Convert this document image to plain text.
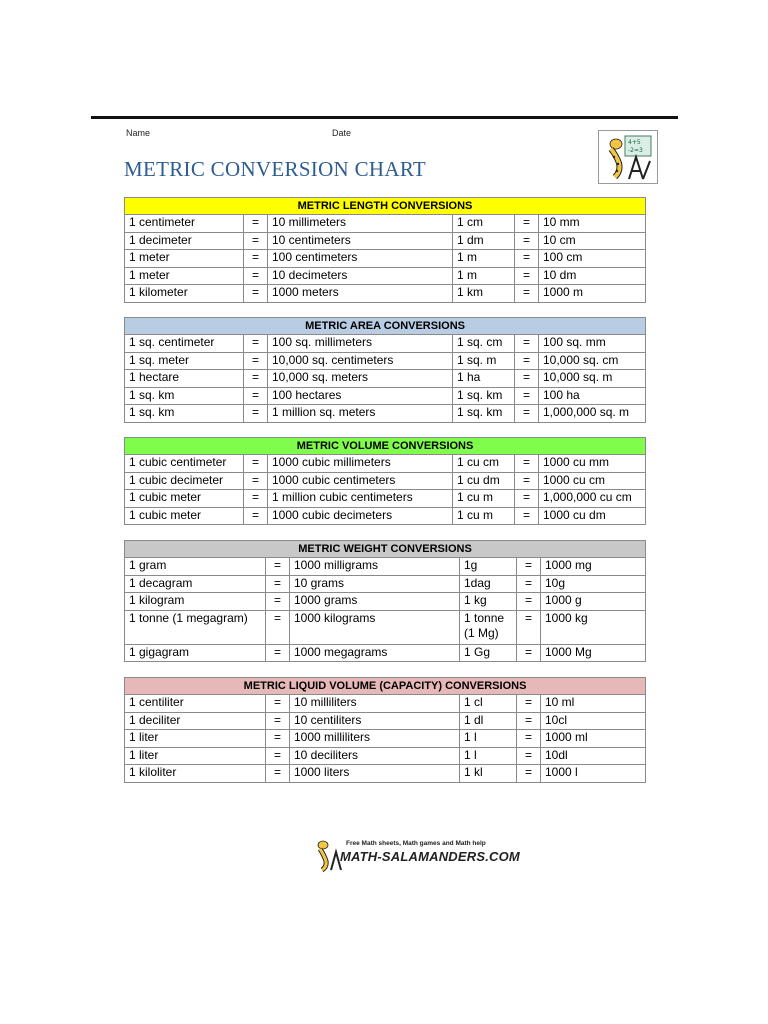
Name	Date
METRIC CONVERSION CHART
4+5
-2=3
METRIC LENGTH CONVERSIONS					
1 centimeter	=	10 millimeters	1 cm	=	10 mm
1 decimeter	=	10 centimeters	1 dm	=	10 cm
1 meter	=	100 centimeters	1 m	=	100 cm
1 meter	=	10 decimeters	1 m	=	10 dm
1 kilometer	=	1000 meters	1 km	=	1000 m
METRIC AREA CONVERSIONS					
1 sq. centimeter	=	100 sq. millimeters	1 sq. cm	=	100 sq. mm
1 sq. meter	=	10,000 sq. centimeters	1 sq. m	=	10,000 sq. cm
1 hectare	=	10,000 sq. meters	1 ha	=	10,000 sq. m
1 sq. km	=	100 hectares	1 sq. km	=	100 ha
1 sq. km	=	1 million sq. meters	1 sq. km	=	1,000,000 sq. m
METRIC VOLUME CONVERSIONS					
1 cubic centimeter	=	1000 cubic millimeters	1 cu cm	=	1000 cu mm
1 cubic decimeter	=	1000 cubic centimeters	1 cu dm	=	1000 cu cm
1 cubic meter	=	1 million cubic centimeters	1 cu m	=	1,000,000 cu cm
1 cubic meter	=	1000 cubic decimeters	1 cu m	=	1000 cu dm
METRIC WEIGHT CONVERSIONS					
1 gram	=	1000 milligrams	1g	=	1000 mg
1 decagram	=	10 grams	1dag	=	10g
1 kilogram	=	1000 grams	1 kg	=	1000 g
1 tonne (1 megagram)	=	1000 kilograms	1 tonne (1 Mg)	=	1000 kg
1 gigagram	=	1000 megagrams	1 Gg	=	1000 Mg
METRIC LIQUID VOLUME (CAPACITY) CONVERSIONS					
1 centiliter	=	10 milliliters	1 cl	=	10 ml
1 deciliter	=	10 centiliters	1 dl	=	10cl
1 liter	=	1000 milliliters	1 l	=	1000 ml
1 liter	=	10 deciliters	1 l	=	10dl
1 kiloliter	=	1000 liters	1 kl	=	1000 l
Free Math sheets, Math games and Math help
MATH-SALAMANDERS.COM
